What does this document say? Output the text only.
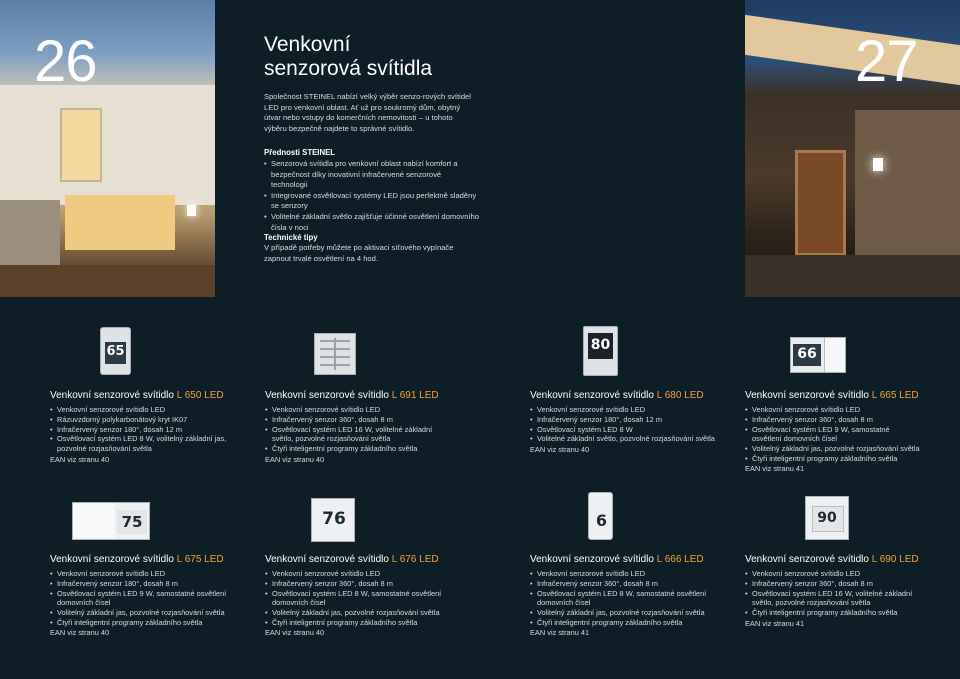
26	27
Venkovní
senzorová svítidla
Společnost STEINEL nabízí velký výběr senzo-rových svítidel LED pro venkovní oblast. Ať už pro soukromý dům, obytný útvar nebo vstupy do komerčních nemovitostí – u tohoto výběru bezpečně najdete to správné svítidlo.
Přednosti STEINEL
• Senzorová svítidla pro venkovní oblast nabízí komfort a bezpečnost díky inovativní infračervené senzorové technologii
• Integrované osvětlovací systémy LED jsou perfektně sladěny se senzory
• Volitelné základní světlo zajišťuje účinné osvětlení domovního čísla v noci
Technické tipy
V případě potřeby můžete po aktivaci síťového vypínače zapnout trvalé osvětlení na 4 hod.
65	80
66
75	76	6	90
Venkovní senzorové svítidlo L 650 LED
• Venkovní senzorové svítidlo LED
• Rázuvzdorný polykarbonátový kryt IK07
• Infračervený senzor 180°, dosah 12 m
• Osvětlovací systém LED 8 W, volitelný základní jas, pozvolné rozjasňování světla
EAN viz stranu 40
Venkovní senzorové svítidlo L 691 LED
• Venkovní senzorové svítidlo LED
• Infračervený senzor 360°, dosah 8 m
• Osvětlovací systém LED 16 W, volitelné základní světlo, pozvolné rozjasňování světla
• Čtyři inteligentní programy základního světla
EAN viz stranu 40
Venkovní senzorové svítidlo L 680 LED
• Venkovní senzorové svítidlo LED
• Infračervený senzor 180°, dosah 12 m
• Osvětlovací systém LED 8 W
• Volitelné základní světlo, pozvolné rozjasňování světla
EAN viz stranu 40
Venkovní senzorové svítidlo L 665 LED
• Venkovní senzorové svítidlo LED
• Infračervený senzor 360°, dosah 8 m
• Osvětlovací systém LED 9 W, samostatné osvětlení domovních čísel
• Volitelný základní jas, pozvolné rozjasňování světla
• Čtyři inteligentní programy základního světla
EAN viz stranu 41
Venkovní senzorové svítidlo L 675 LED
• Venkovní senzorové svítidlo LED
• Infračervený senzor 180°, dosah 8 m
• Osvětlovací systém LED 9 W, samostatné osvětlení domovních čísel
• Volitelný základní jas, pozvolné rozjasňování světla
• Čtyři inteligentní programy základního světla
EAN viz stranu 40
Venkovní senzorové svítidlo L 676 LED
• Venkovní senzorové svítidlo LED
• Infračervený senzor 360°, dosah 8 m
• Osvětlovací systém LED 8 W, samostatné osvětlení domovních čísel
• Volitelný základní jas, pozvolné rozjasňování světla
• Čtyři inteligentní programy základního světla
EAN viz stranu 40
Venkovní senzorové svítidlo L 666 LED
• Venkovní senzorové svítidlo LED
• Infračervený senzor 360°, dosah 8 m
• Osvětlovací systém LED 8 W, samostatné osvětlení domovních čísel
• Volitelný základní jas, pozvolné rozjasňování světla
• Čtyři inteligentní programy základního světla
EAN viz stranu 41
Venkovní senzorové svítidlo L 690 LED
• Venkovní senzorové svítidlo LED
• Infračervený senzor 360°, dosah 8 m
• Osvětlovací systém LED 16 W, volitelné základní světlo, pozvolné rozjasňování světla
• Čtyři inteligentní programy základního světla
EAN viz stranu 41
